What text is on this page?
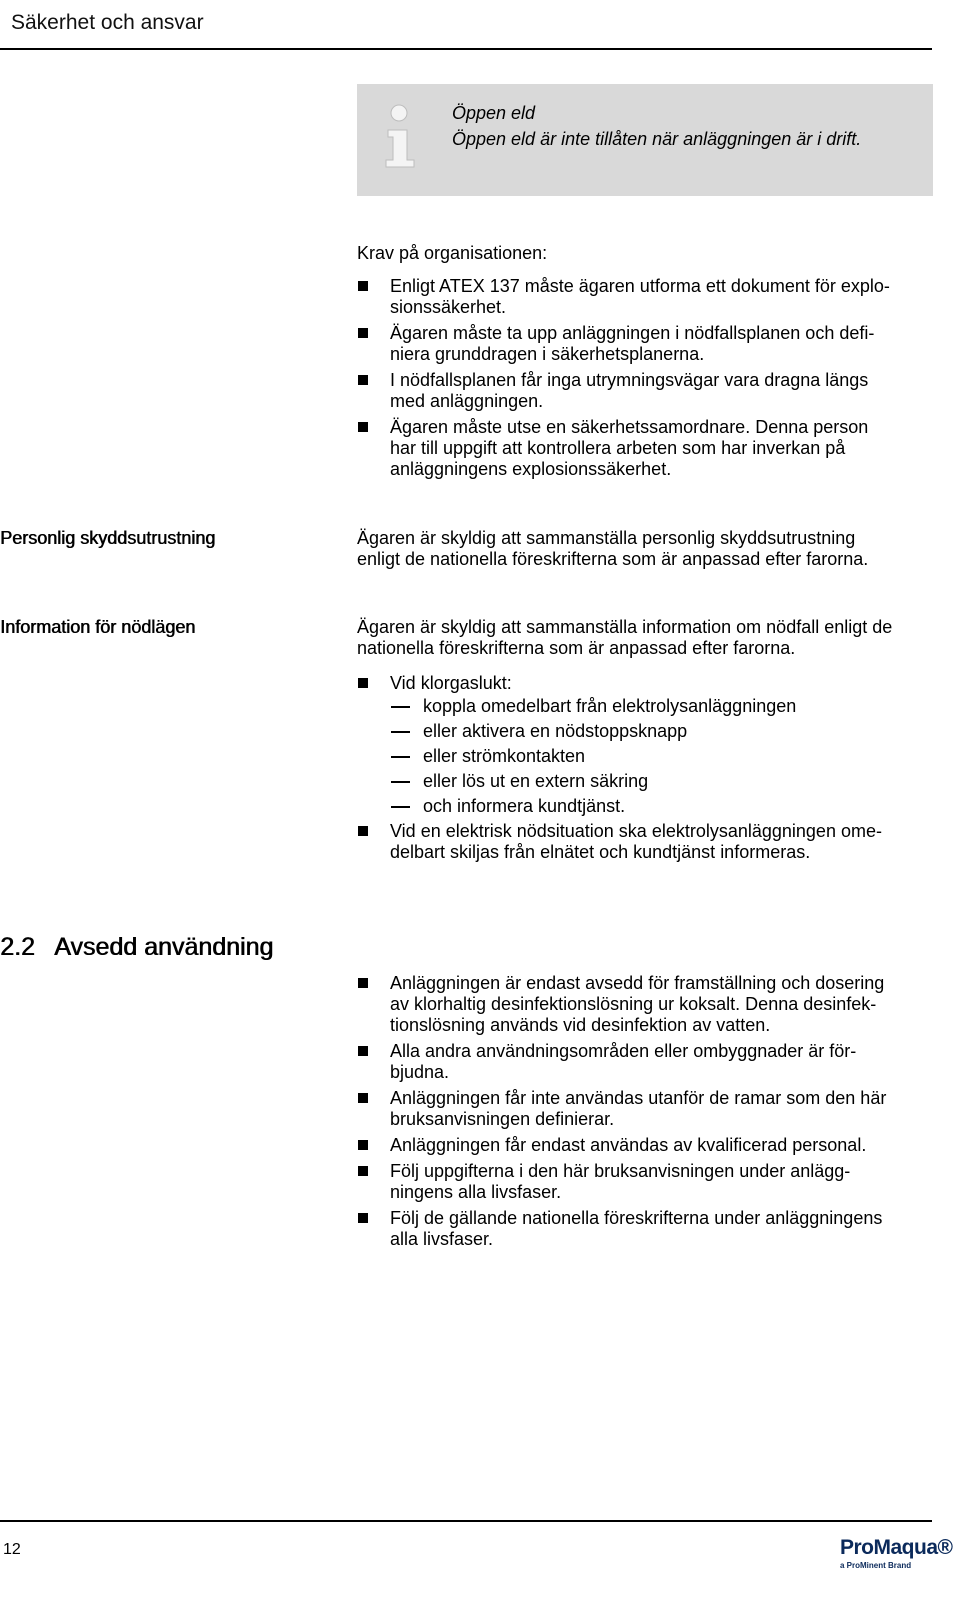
Säkerhet och ansvar
Öppen eld
Öppen eld är inte tillåten när anläggningen är i drift.
Krav på organisationen:
Enligt ATEX 137 måste ägaren utforma ett dokument för explo-
sionssäkerhet.
Ägaren måste ta upp anläggningen i nödfallsplanen och defi-
niera grunddragen i säkerhetsplanerna.
I nödfallsplanen får inga utrymningsvägar vara dragna längs
med anläggningen.
Ägaren måste utse en säkerhetssamordnare. Denna person
har till uppgift att kontrollera arbeten som har inverkan på
anläggningens explosionssäkerhet.
Personlig skyddsutrustning	Ägaren är skyldig att sammanställa personlig skyddsutrustning
enligt de nationella föreskrifterna som är anpassad efter farorna.
Information för nödlägen	Ägaren är skyldig att sammanställa information om nödfall enligt de
nationella föreskrifterna som är anpassad efter farorna.
Vid klorgaslukt:
koppla omedelbart från elektrolysanläggningen
eller aktivera en nödstoppsknapp
eller strömkontakten
eller lös ut en extern säkring
och informera kundtjänst.
Vid en elektrisk nödsituation ska elektrolysanläggningen ome-
delbart skiljas från elnätet och kundtjänst informeras.
2.2 Avsedd användning
Anläggningen är endast avsedd för framställning och dosering
av klorhaltig desinfektionslösning ur koksalt. Denna desinfek-
tionslösning används vid desinfektion av vatten.
Alla andra användningsområden eller ombyggnader är för-
bjudna.
Anläggningen får inte användas utanför de ramar som den här
bruksanvisningen definierar.
Anläggningen får endast användas av kvalificerad personal.
Följ uppgifterna i den här bruksanvisningen under anlägg-
ningens alla livsfaser.
Följ de gällande nationella föreskrifterna under anläggningens
alla livsfaser.
12	ProMaqua®
a ProMinent Brand
